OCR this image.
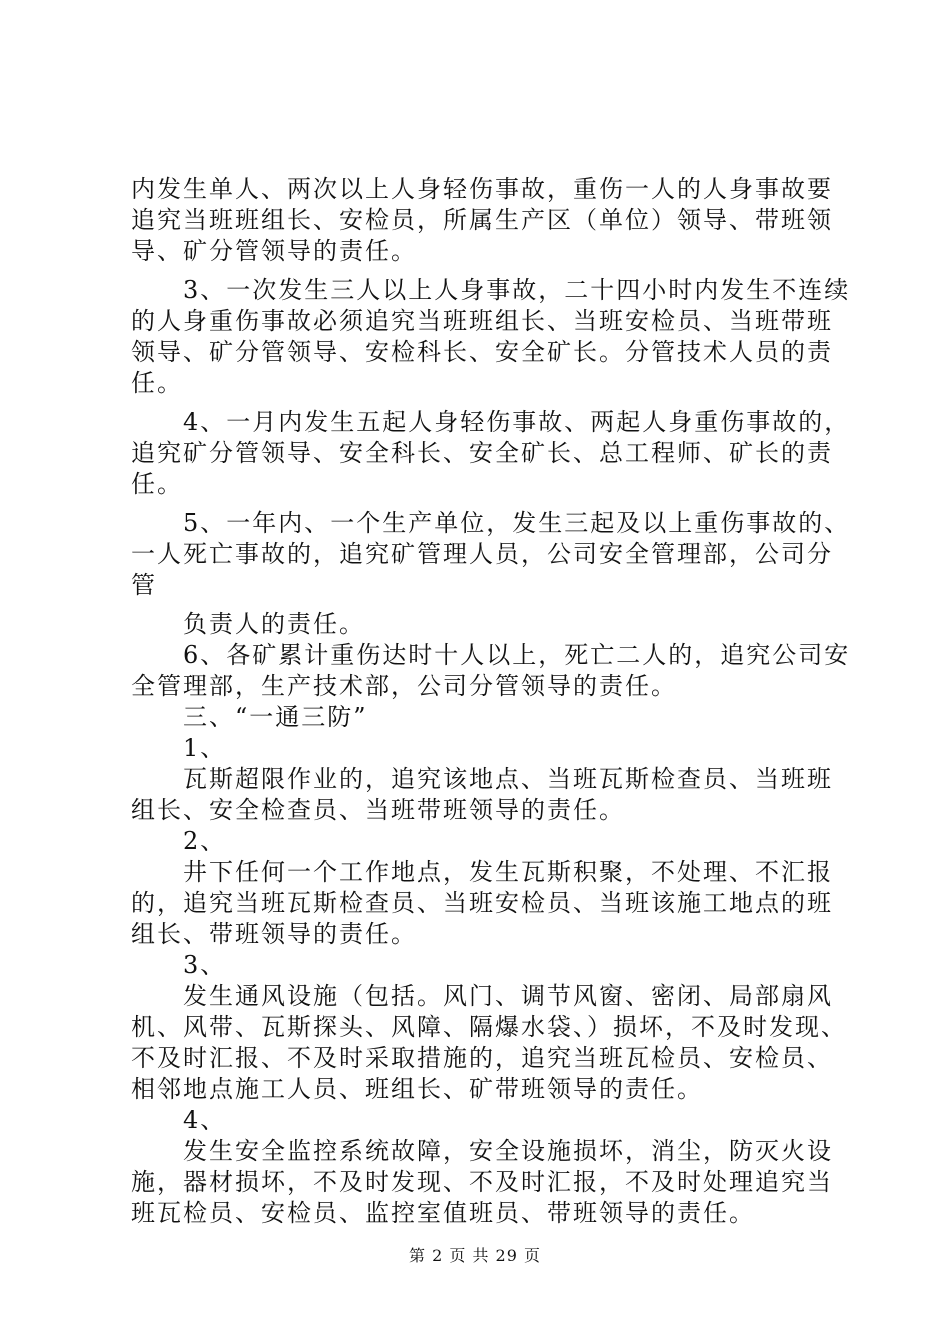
内发生单人、两次以上人身轻伤事故，重伤一人的人身事故要
追究当班班组长、安检员，所属生产区（单位）领导、带班领
导、矿分管领导的责任。
　　3、一次发生三人以上人身事故，二十四小时内发生不连续
的人身重伤事故必须追究当班班组长、当班安检员、当班带班
领导、矿分管领导、安检科长、安全矿长。分管技术人员的责
任。
　　4、一月内发生五起人身轻伤事故、两起人身重伤事故的，
追究矿分管领导、安全科长、安全矿长、总工程师、矿长的责
任。
　　5、一年内、一个生产单位，发生三起及以上重伤事故的、
一人死亡事故的，追究矿管理人员，公司安全管理部，公司分
管
　　负责人的责任。
　　6、各矿累计重伤达时十人以上，死亡二人的，追究公司安
全管理部，生产技术部，公司分管领导的责任。
　　三、“一通三防”
　　1、
　　瓦斯超限作业的，追究该地点、当班瓦斯检查员、当班班
组长、安全检查员、当班带班领导的责任。
　　2、
　　井下任何一个工作地点，发生瓦斯积聚，不处理、不汇报
的，追究当班瓦斯检查员、当班安检员、当班该施工地点的班
组长、带班领导的责任。
　　3、
　　发生通风设施（包括。风门、调节风窗、密闭、局部扇风
机、风带、瓦斯探头、风障、隔爆水袋、）损坏，不及时发现、
不及时汇报、不及时采取措施的，追究当班瓦检员、安检员、
相邻地点施工人员、班组长、矿带班领导的责任。
　　4、
　　发生安全监控系统故障，安全设施损坏，消尘，防灭火设
施，器材损坏，不及时发现、不及时汇报，不及时处理追究当
班瓦检员、安检员、监控室值班员、带班领导的责任。
第 2 页 共 29 页
